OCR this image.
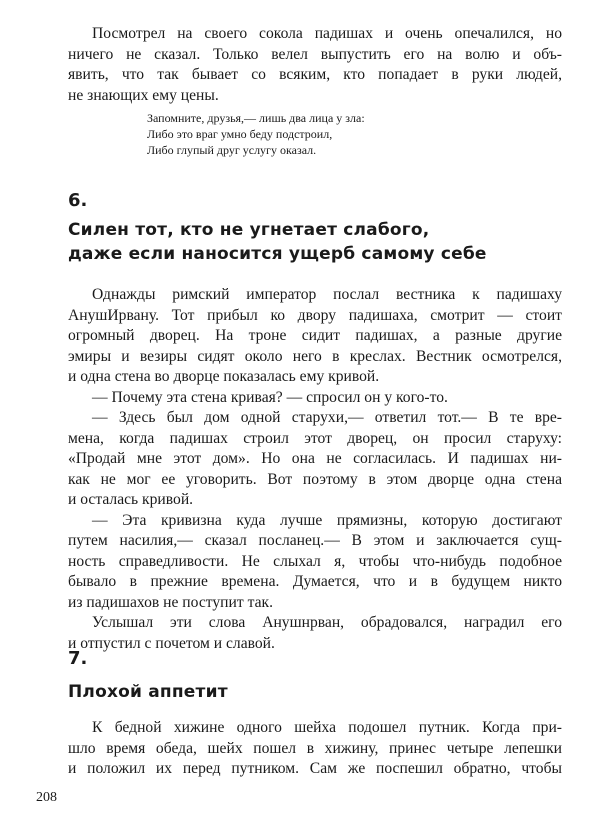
Посмотрел на своего сокола падишах и очень опечалился, но
ничего не сказал. Только велел выпустить его на волю и объ-
явить, что так бывает со всяким, кто попадает в руки людей,
не знающих ему цены.
Запомните, друзья,— лишь два лица у зла:
Либо это враг умно беду подстроил,
Либо глупый друг услугу оказал.
6.
Силен тот, кто не угнетает слабого,
даже если наносится ущерб самому себе
Однажды римский император послал вестника к падишаху
АнушИрвану. Тот прибыл ко двору падишаха, смотрит — стоит
огромный дворец. На троне сидит падишах, а разные другие
эмиры и везиры сидят около него в креслах. Вестник осмотрелся,
и одна стена во дворце показалась ему кривой.
— Почему эта стена кривая? — спросил он у кого-то.
— Здесь был дом одной старухи,— ответил тот.— В те вре-
мена, когда падишах строил этот дворец, он просил старуху:
«Продай мне этот дом». Но она не согласилась. И падишах ни-
как не мог ее уговорить. Вот поэтому в этом дворце одна стена
и осталась кривой.
— Эта кривизна куда лучше прямизны, которую достигают
путем насилия,— сказал посланец.— В этом и заключается сущ-
ность справедливости. Не слыхал я, чтобы что-нибудь подобное
бывало в прежние времена. Думается, что и в будущем никто
из падишахов не поступит так.
Услышал эти слова Анушнрван, обрадовался, наградил его
и отпустил с почетом и славой.
7.
Плохой аппетит
К бедной хижине одного шейха подошел путник. Когда при-
шло время обеда, шейх пошел в хижину, принес четыре лепешки
и положил их перед путником. Сам же поспешил обратно, чтобы
208
